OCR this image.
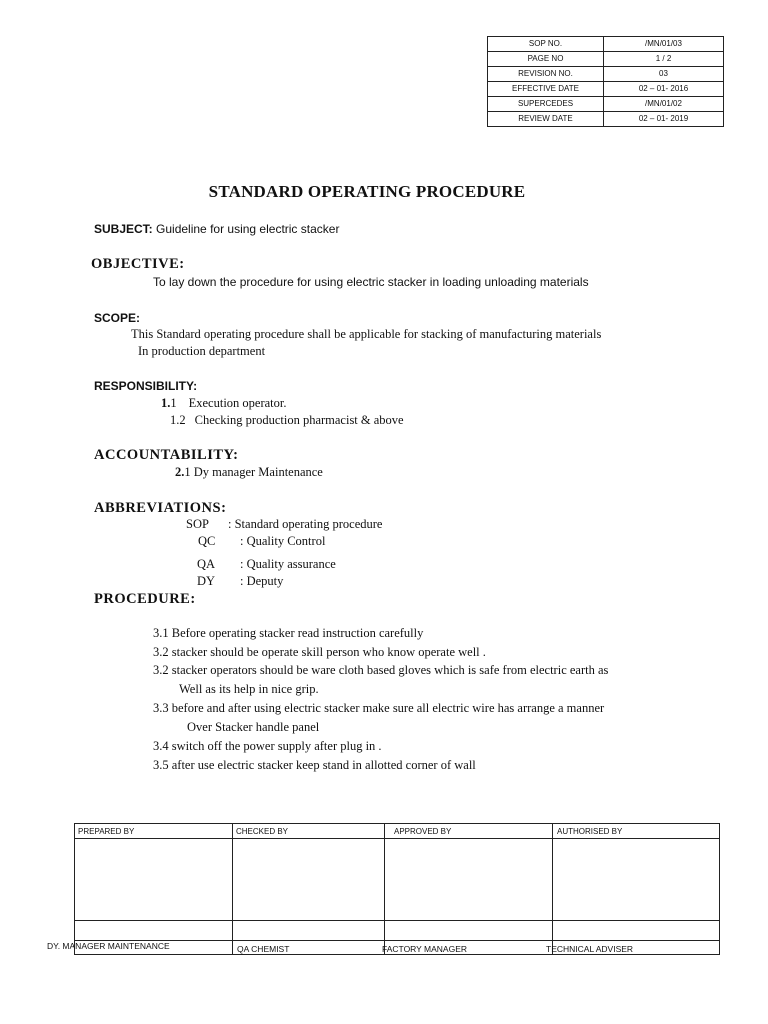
SOP NO.	/MN/01/03
PAGE NO	1 / 2
REVISION NO.	03
EFFECTIVE DATE	02 – 01- 2016
SUPERCEDES	/MN/01/02
REVIEW DATE	02 – 01- 2019
STANDARD OPERATING PROCEDURE
SUBJECT: Guideline for using electric stacker
OBJECTIVE:
To lay down the procedure for using electric stacker in loading unloading materials
SCOPE:
This Standard operating procedure shall be applicable for stacking of manufacturing materials
In production department
RESPONSIBILITY:
1.1 Execution operator.
1.2 Checking production pharmacist & above
ACCOUNTABILITY:
2.1 Dy manager Maintenance
ABBREVIATIONS:
SOP : Standard operating procedure
QC : Quality Control
QA : Quality assurance
DY : Deputy
PROCEDURE:
3.1 Before operating stacker read instruction carefully
3.2 stacker should be operate skill person who know operate well .
3.2 stacker operators should be ware cloth based gloves which is safe from electric earth as
Well as its help in nice grip.
3.3 before and after using electric stacker make sure all electric wire has arrange a manner
Over Stacker handle panel
3.4 switch off the power supply after plug in .
3.5 after use electric stacker keep stand in allotted corner of wall
PREPARED BY	CHECKED BY	APPROVED BY	AUTHORISED BY
DY. MANAGER MAINTENANCE	QA CHEMIST	FACTORY MANAGER	TECHNICAL ADVISER
